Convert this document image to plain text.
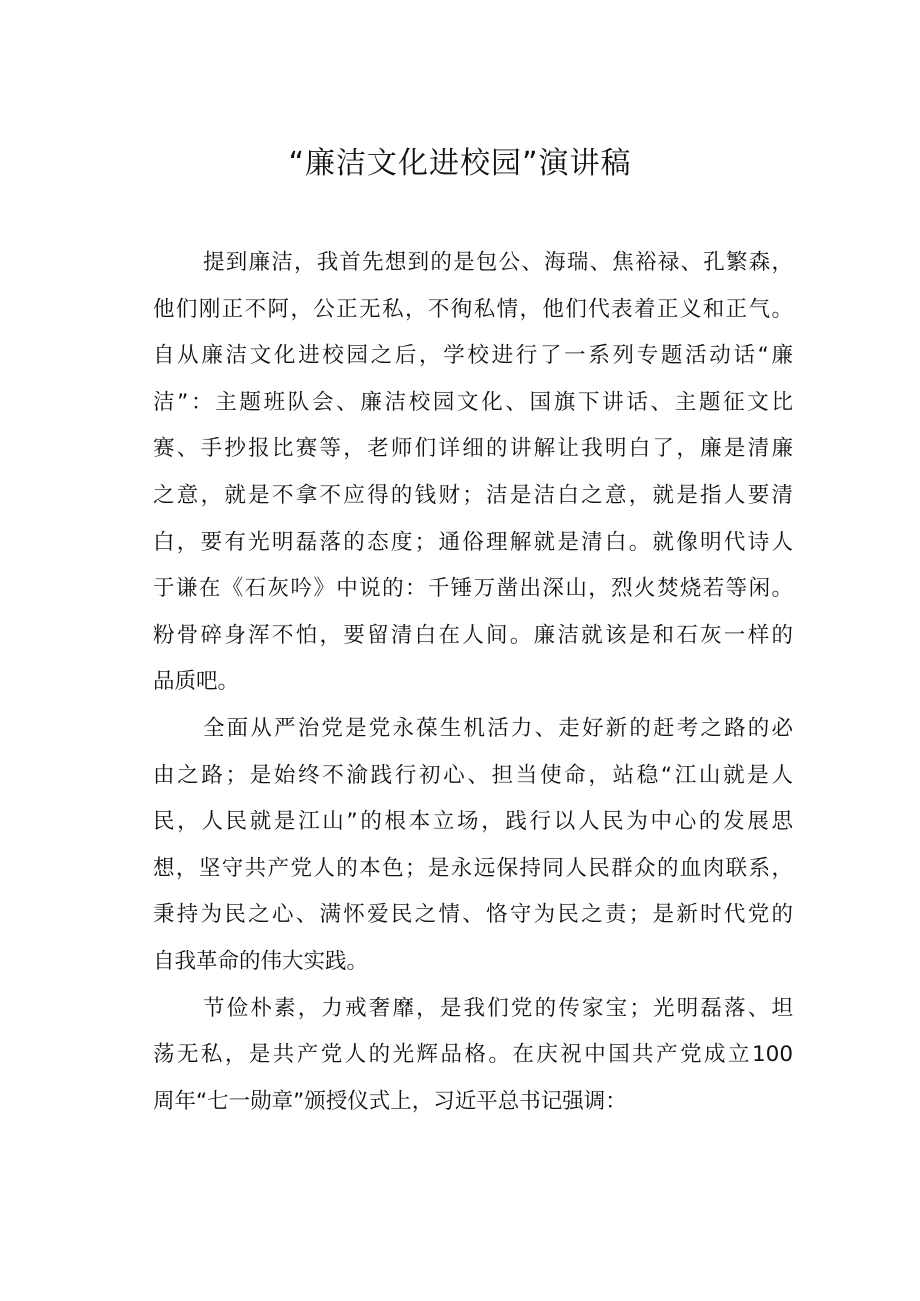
“廉洁文化进校园”演讲稿
提到廉洁，我首先想到的是包公、海瑞、焦裕禄、孔繁森，
他们刚正不阿，公正无私，不徇私情，他们代表着正义和正气。
自从廉洁文化进校园之后，学校进行了一系列专题活动话“廉
洁”：主题班队会、廉洁校园文化、国旗下讲话、主题征文比
赛、手抄报比赛等，老师们详细的讲解让我明白了，廉是清廉
之意，就是不拿不应得的钱财；洁是洁白之意，就是指人要清
白，要有光明磊落的态度；通俗理解就是清白。就像明代诗人
于谦在《石灰吟》中说的：千锤万凿出深山，烈火焚烧若等闲。
粉骨碎身浑不怕，要留清白在人间。廉洁就该是和石灰一样的
品质吧。
全面从严治党是党永葆生机活力、走好新的赶考之路的必
由之路；是始终不渝践行初心、担当使命，站稳“江山就是人
民，人民就是江山”的根本立场，践行以人民为中心的发展思
想，坚守共产党人的本色；是永远保持同人民群众的血肉联系，
秉持为民之心、满怀爱民之情、恪守为民之责；是新时代党的
自我革命的伟大实践。
节俭朴素，力戒奢靡，是我们党的传家宝；光明磊落、坦
荡无私，是共产党人的光辉品格。在庆祝中国共产党成立100
周年“七一勋章”颁授仪式上，习近平总书记强调：
